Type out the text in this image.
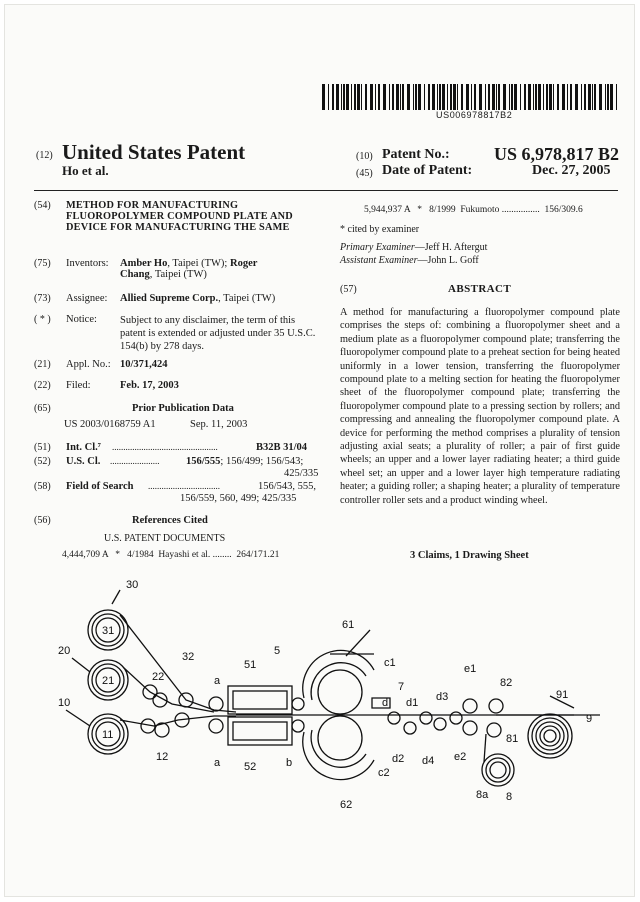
US006978817B2
(12) United States Patent
Ho et al.
(10) Patent No.: US 6,978,817 B2
(45) Date of Patent:	Dec. 27, 2005
(54) METHOD FOR MANUFACTURING FLUOROPOLYMER COMPOUND PLATE AND DEVICE FOR MANUFACTURING THE SAME
(75) Inventors: Amber Ho, Taipei (TW); Roger
Chang, Taipei (TW)
(73) Assignee: Allied Supreme Corp., Taipei (TW)
( * ) Notice: Subject to any disclaimer, the term of this patent is extended or adjusted under 35 U.S.C. 154(b) by 278 days.
(21) Appl. No.: 10/371,424
(22) Filed:	Feb. 17, 2003
(65)	Prior Publication Data
US 2003/0168759 A1	Sep. 11, 2003
(51) Int. Cl.⁷ ...............................................	B32B 31/04
(52) U.S. Cl. ......................	156/555; 156/499; 156/543;
425/335
(58) Field of Search ................................	156/543, 555,
156/559, 560, 499; 425/335
(56)	References Cited
U.S. PATENT DOCUMENTS
4,444,709 A   *   4/1984  Hayashi et al. ........  264/171.21
5,944,937 A   *   8/1999  Fukumoto ................  156/309.6
* cited by examiner
Primary Examiner—Jeff H. Aftergut
Assistant Examiner—John L. Goff
(57)	ABSTRACT
A method for manufacturing a fluoropolymer compound plate comprises the steps of: combining a fluoropolymer sheet and a medium plate as a fluoropolymer compound plate; transferring the fluoropolymer compound plate to a preheat section for being heated uniformly in a lower tension, transferring the fluoropolymer compound plate to a melting section for heating the fluoropolymer sheet of the fluoropolymer compound plate; transferring the fluoropolymer compound plate to a pressing section by rollers; and compressing and annealing the fluoropolymer compound plate. A device for performing the method comprises a plurality of tension adjusting axial seats; a plurality of roller; a pair of first guide wheels; an upper and a lower layer radiating heater; a third guide wheel set; an upper and a lower layer high temperature radiating heater; a guiding roller; a shaping heater; a plurality of temperature controller roller sets and a product winding wheel.
3 Claims, 1 Drawing Sheet
30
31
20
21
10
11
22
32
12
51
5
52
a
a	b
61
62
c1
c2
7
d d1
d2
d3
d4
e1
e2
82
81
91
9
8a 8
